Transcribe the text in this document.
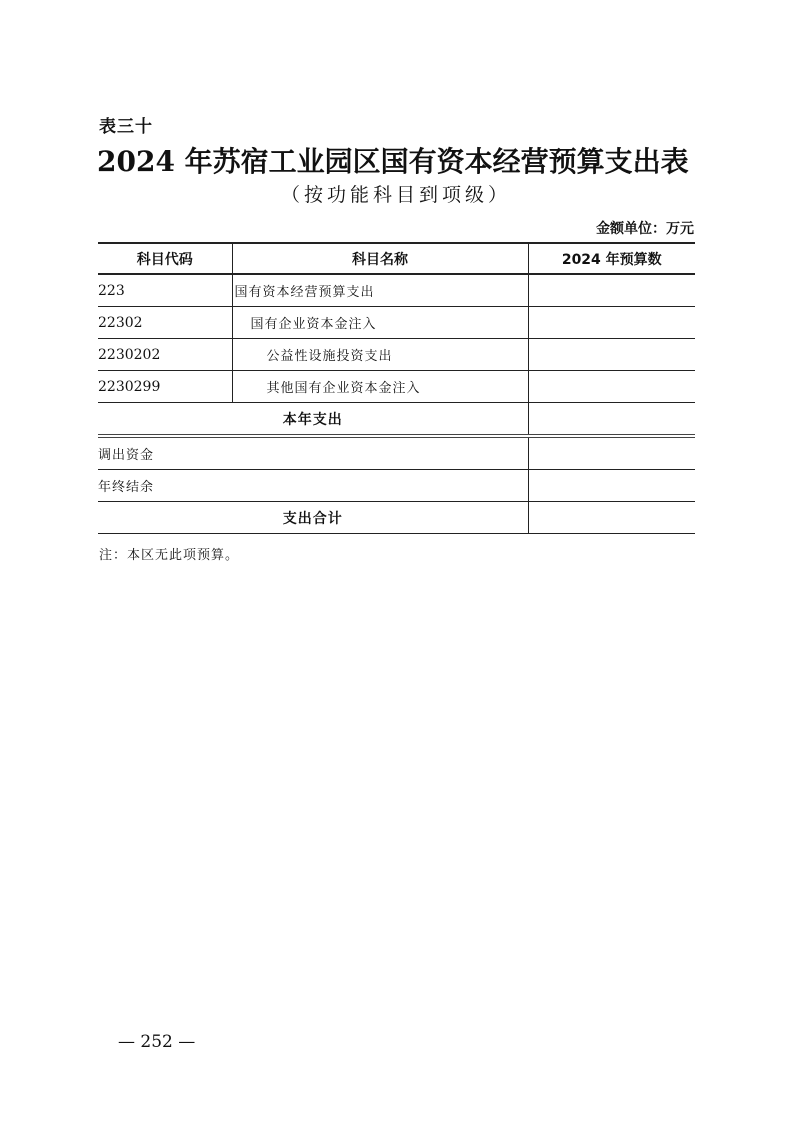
表三十
2024 年苏宿工业园区国有资本经营预算支出表
（按功能科目到项级）
金额单位：万元
科目代码	科目名称	2024 年预算数
223	国有资本经营预算支出	
22302	国有企业资本金注入	
2230202	公益性设施投资支出	
2230299	其他国有企业资本金注入	
本年支出		
调出资金		
年终结余		
支出合计		
注：本区无此项预算。
— 252 —
